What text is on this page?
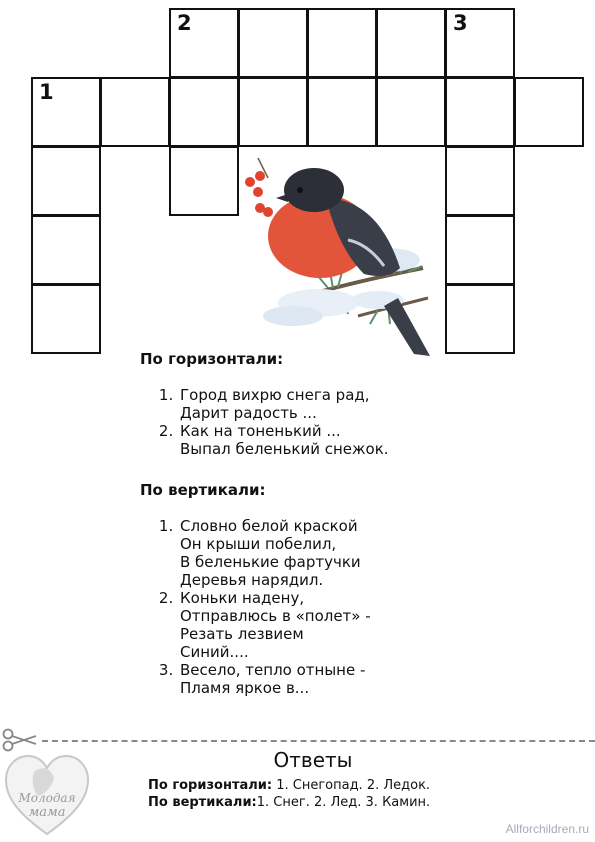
2	3
1

По горизонтали:

1. Город вихрю снега рад,
Дарит радость ...
2. Как на тоненький ...
Выпал беленький снежок.

По вертикали:

1. Словно белой краской
Он крыши побелил,
В беленькие фартучки
Деревья нарядил.
2. Коньки надену,
Отправлюсь в «полет» -
Резать лезвием
Синий....
3. Весело, тепло отныне -
Пламя яркое в...
Молодая
мама
Ответы
По горизонтали: 1. Снегопад. 2. Ледок.
По вертикали:1. Снег. 2. Лед. 3. Камин.
Allforchildren.ru
